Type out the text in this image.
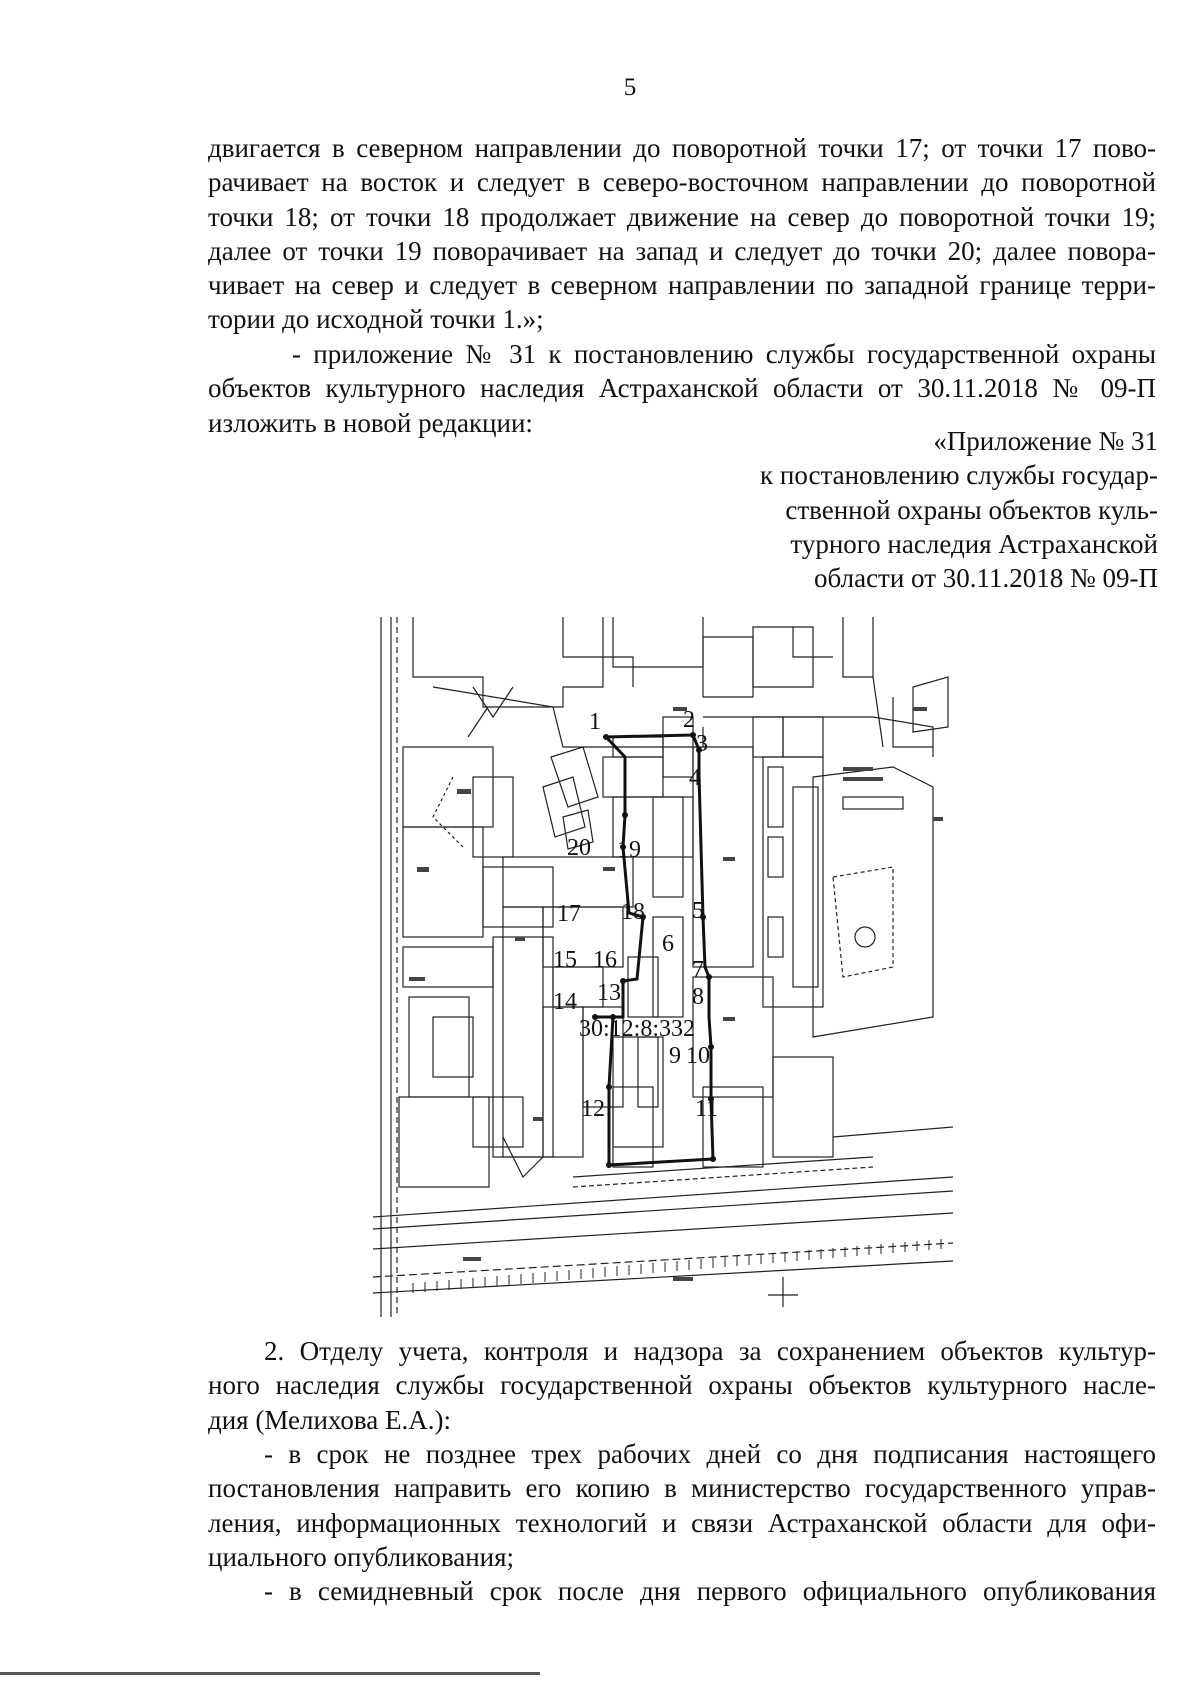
5
двигается в северном направлении до поворотной точки 17; от точки 17 пово-
рачивает на восток и следует в северо-восточном направлении до поворотной
точки 18; от точки 18 продолжает движение на север до поворотной точки 19;
далее от точки 19 поворачивает на запад и следует до точки 20; далее повора-
чивает на север и следует в северном направлении по западной границе терри-
тории до исходной точки 1.»;
- приложение № 31 к постановлению службы государственной охраны
объектов культурного наследия Астраханской области от 30.11.2018 № 09-П
изложить в новой редакции:
«Приложение № 31
к постановлению службы государ-
ственной охраны объектов куль-
турного наследия Астраханской
области от 30.11.2018 № 09-П
1	2
3
4
5
6
7
8
9 10
11
12
13
14
15 16
17 18
19
20
30:12:8:332
2. Отделу учета, контроля и надзора за сохранением объектов культур-
ного наследия службы государственной охраны объектов культурного насле-
дия (Мелихова Е.А.):
- в срок не позднее трех рабочих дней со дня подписания настоящего
постановления направить его копию в министерство государственного управ-
ления, информационных технологий и связи Астраханской области для офи-
циального опубликования;
- в семидневный срок после дня первого официального опубликования
